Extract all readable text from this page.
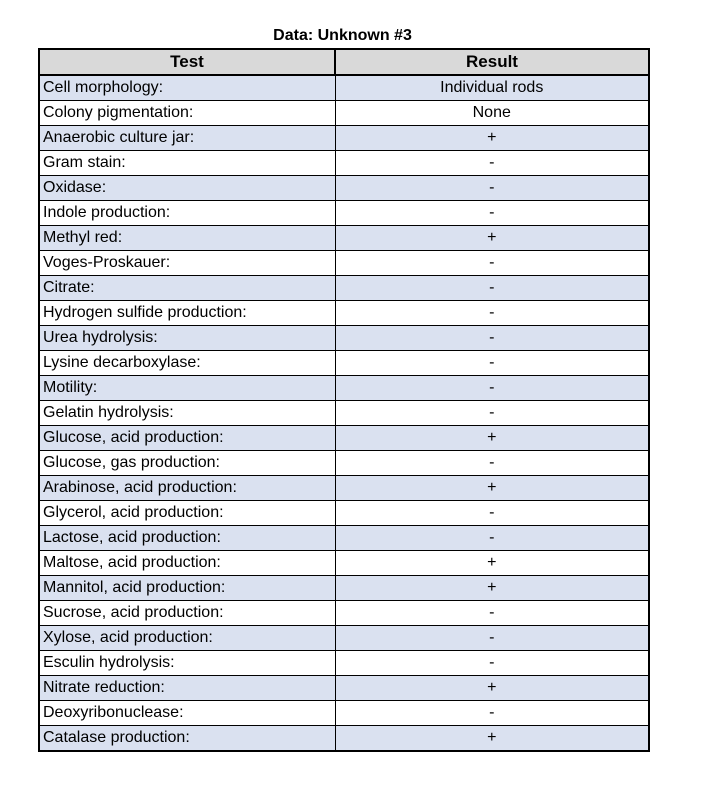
Data: Unknown #3
Test	Result
Cell morphology:	Individual rods
Colony pigmentation:	None
Anaerobic culture jar:	+
Gram stain:	-
Oxidase:	-
Indole production:	-
Methyl red:	+
Voges-Proskauer:	-
Citrate:	-
Hydrogen sulfide production:	-
Urea hydrolysis:	-
Lysine decarboxylase:	-
Motility:	-
Gelatin hydrolysis:	-
Glucose, acid production:	+
Glucose, gas production:	-
Arabinose, acid production:	+
Glycerol, acid production:	-
Lactose, acid production:	-
Maltose, acid production:	+
Mannitol, acid production:	+
Sucrose, acid production:	-
Xylose, acid production:	-
Esculin hydrolysis:	-
Nitrate reduction:	+
Deoxyribonuclease:	-
Catalase production:	+
